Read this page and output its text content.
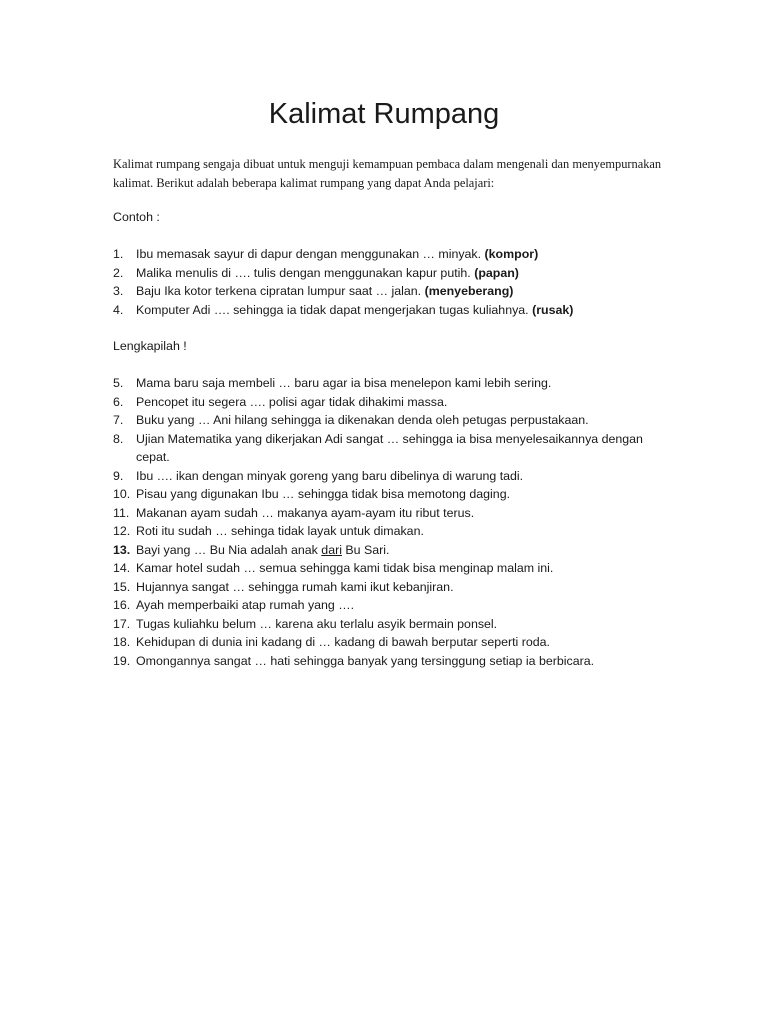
Kalimat Rumpang

Kalimat rumpang sengaja dibuat untuk menguji kemampuan pembaca dalam mengenali dan menyempurnakan kalimat. Berikut adalah beberapa kalimat rumpang yang dapat Anda pelajari:

Contoh :

1. Ibu memasak sayur di dapur dengan menggunakan … minyak. (kompor)
2. Malika menulis di …. tulis dengan menggunakan kapur putih. (papan)
3. Baju Ika kotor terkena cipratan lumpur saat … jalan. (menyeberang)
4. Komputer Adi …. sehingga ia tidak dapat mengerjakan tugas kuliahnya. (rusak)

Lengkapilah !

5. Mama baru saja membeli … baru agar ia bisa menelepon kami lebih sering.
6. Pencopet itu segera …. polisi agar tidak dihakimi massa.
7. Buku yang … Ani hilang sehingga ia dikenakan denda oleh petugas perpustakaan.
8. Ujian Matematika yang dikerjakan Adi sangat … sehingga ia bisa menyelesaikannya dengan cepat.
9. Ibu …. ikan dengan minyak goreng yang baru dibelinya di warung tadi.
10. Pisau yang digunakan Ibu … sehingga tidak bisa memotong daging.
11. Makanan ayam sudah … makanya ayam-ayam itu ribut terus.
12. Roti itu sudah … sehinga tidak layak untuk dimakan.
13. Bayi yang … Bu Nia adalah anak dari Bu Sari.
14. Kamar hotel sudah … semua sehingga kami tidak bisa menginap malam ini.
15. Hujannya sangat … sehingga rumah kami ikut kebanjiran.
16. Ayah memperbaiki atap rumah yang ….
17. Tugas kuliahku belum … karena aku terlalu asyik bermain ponsel.
18. Kehidupan di dunia ini kadang di … kadang di bawah berputar seperti roda.
19. Omongannya sangat … hati sehingga banyak yang tersinggung setiap ia berbicara.
